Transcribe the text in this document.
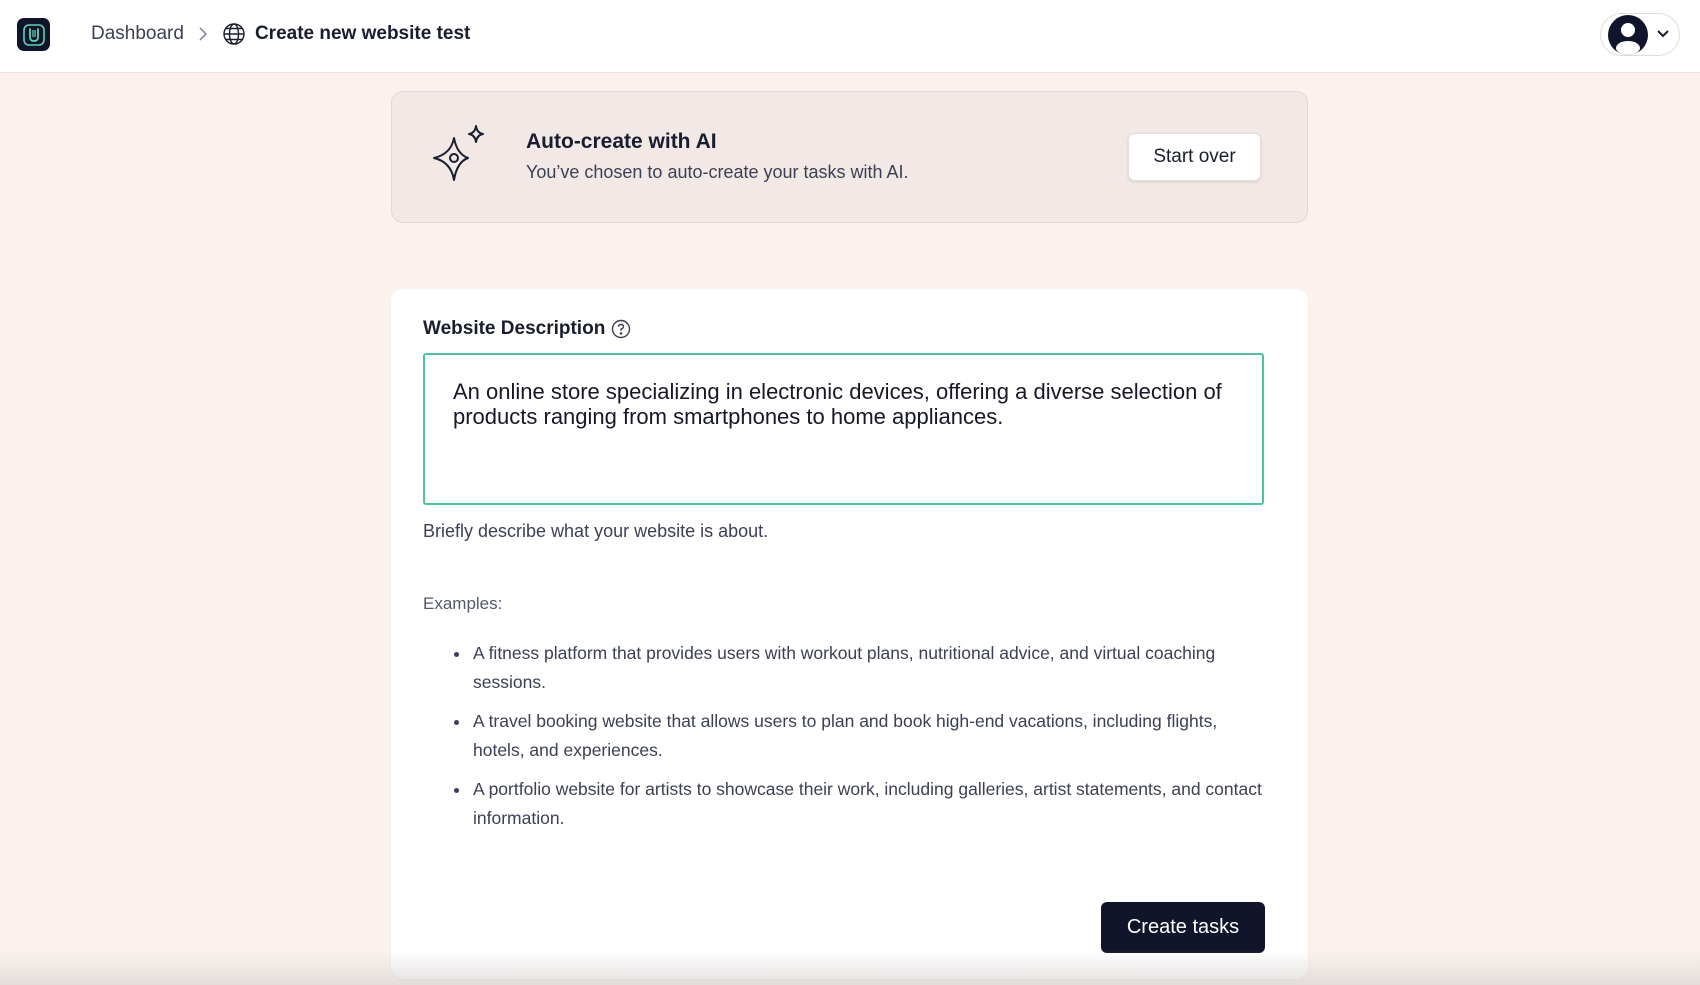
Dashboard	Create new website test
Auto-create with AI
You’ve chosen to auto-create your tasks with AI.
Start over
Website Description
An online store specializing in electronic devices, offering a diverse selection of products ranging from smartphones to home appliances.
Briefly describe what your website is about.
Examples:
• A fitness platform that provides users with workout plans, nutritional advice, and virtual coaching sessions.
• A travel booking website that allows users to plan and book high-end vacations, including flights, hotels, and experiences.
• A portfolio website for artists to showcase their work, including galleries, artist statements, and contact information.
Create tasks
